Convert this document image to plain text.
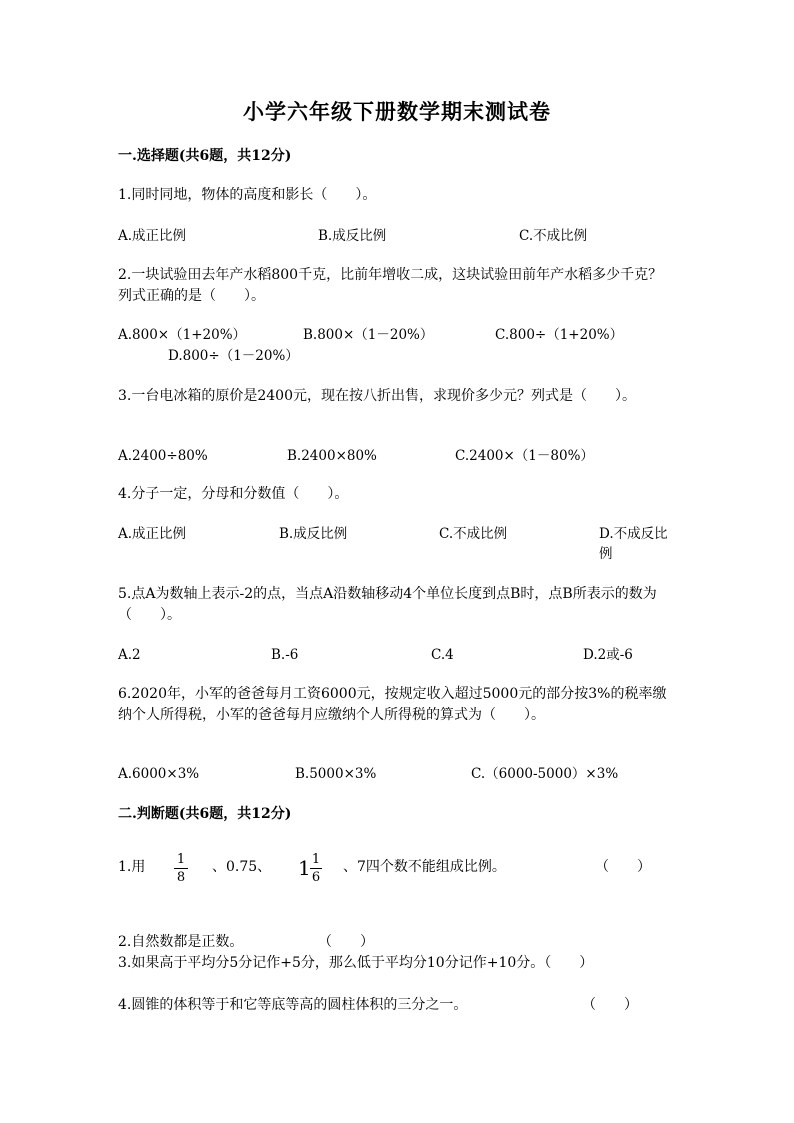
小学六年级下册数学期末测试卷
一.选择题(共6题，共12分)
1.同时同地，物体的高度和影长（　　）。
A.成正比例	B.成反比例	C.不成比例
2.一块试验田去年产水稻800千克，比前年增收二成，这块试验田前年产水稻多少千克？列式正确的是（　　）。
A.800×（1+20%）	B.800×（1－20%）	C.800÷（1+20%）
D.800÷（1－20%）
3.一台电冰箱的原价是2400元，现在按八折出售，求现价多少元？列式是（　　）。
A.2400÷80%	B.2400×80%	C.2400×（1－80%）
4.分子一定，分母和分数值（　　）。
A.成正比例	B.成反比例	C.不成比例	D.不成反比例
5.点A为数轴上表示-2的点，当点A沿数轴移动4个单位长度到点B时，点B所表示的数为（　　）。
A.2	B.-6	C.4	D.2或-6
6.2020年，小军的爸爸每月工资6000元，按规定收入超过5000元的部分按3%的税率缴纳个人所得税，小军的爸爸每月应缴纳个人所得税的算式为（　　）。
A.6000×3%	B.5000×3%	C.（6000-5000）×3%
二.判断题(共6题，共12分)
1.用 1
8
、0.75、 1 1
6
、7四个数不能组成比例。	（　　）
2.自然数都是正数。	（　　）
3.如果高于平均分5分记作+5分，那么低于平均分10分记作+10分。（　　）
4.圆锥的体积等于和它等底等高的圆柱体积的三分之一。	（　　）
